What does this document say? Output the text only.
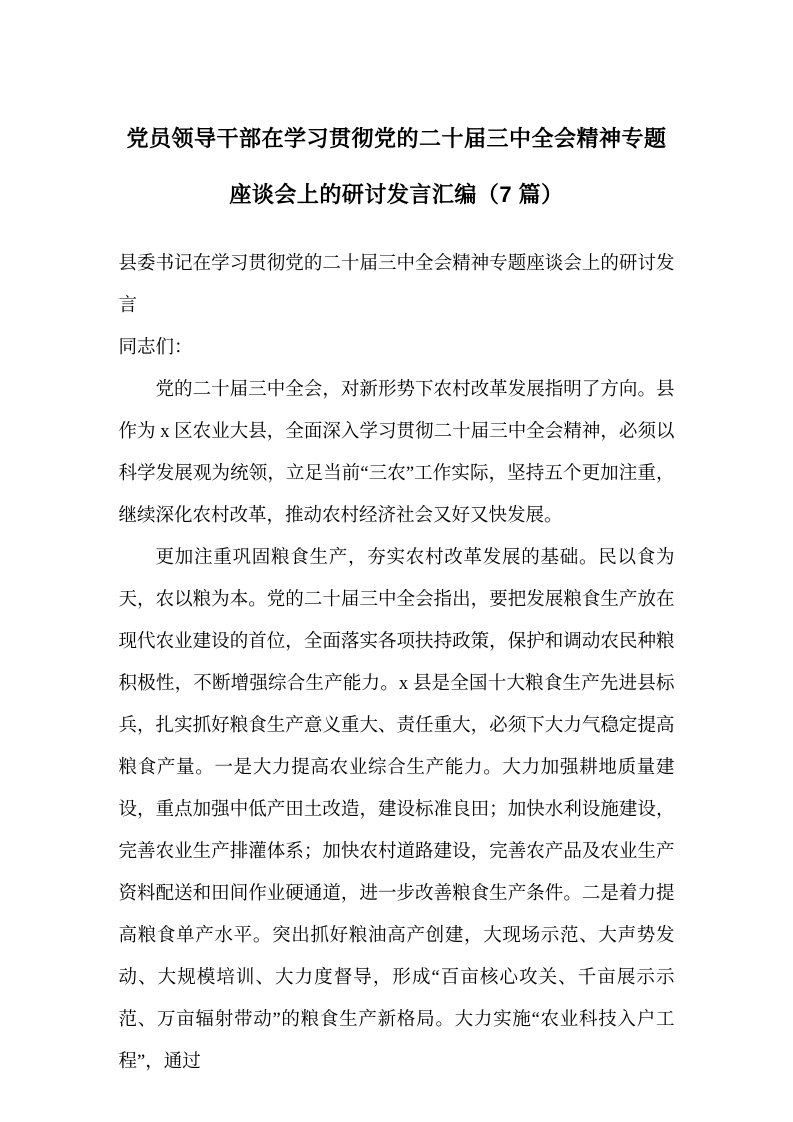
党员领导干部在学习贯彻党的二十届三中全会精神专题座谈会上的研讨发言汇编（7 篇）

县委书记在学习贯彻党的二十届三中全会精神专题座谈会上的研讨发言

同志们：

党的二十届三中全会，对新形势下农村改革发展指明了方向。县作为 x 区农业大县，全面深入学习贯彻二十届三中全会精神，必须以科学发展观为统领，立足当前“三农”工作实际，坚持五个更加注重，继续深化农村改革，推动农村经济社会又好又快发展。

更加注重巩固粮食生产，夯实农村改革发展的基础。民以食为天，农以粮为本。党的二十届三中全会指出，要把发展粮食生产放在现代农业建设的首位，全面落实各项扶持政策，保护和调动农民种粮积极性，不断增强综合生产能力。x 县是全国十大粮食生产先进县标兵，扎实抓好粮食生产意义重大、责任重大，必须下大力气稳定提高粮食产量。一是大力提高农业综合生产能力。大力加强耕地质量建设，重点加强中低产田土改造，建设标准良田；加快水利设施建设，完善农业生产排灌体系；加快农村道路建设，完善农产品及农业生产资料配送和田间作业硬通道，进一步改善粮食生产条件。二是着力提高粮食单产水平。突出抓好粮油高产创建，大现场示范、大声势发动、大规模培训、大力度督导，形成“百亩核心攻关、千亩展示示范、万亩辐射带动”的粮食生产新格局。大力实施“农业科技入户工程”，通过
